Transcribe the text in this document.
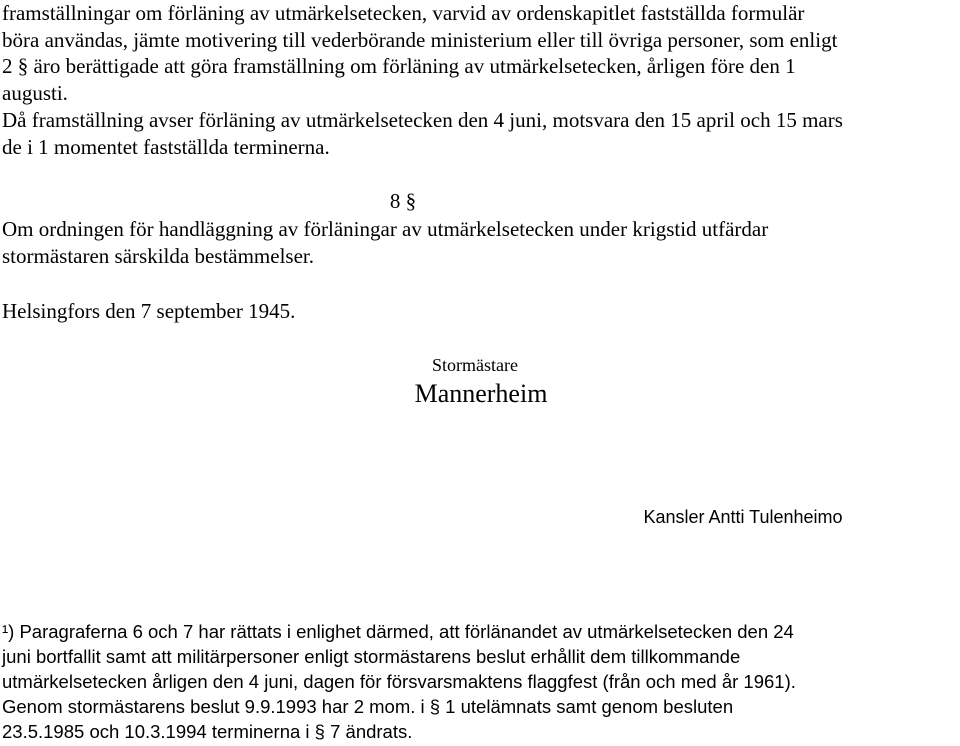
framställningar om förläning av utmärkelsetecken, varvid av ordenskapitlet fastställda formulär
böra användas, jämte motivering till vederbörande ministerium eller till övriga personer, som enligt
2 § äro berättigade att göra framställning om förläning av utmärkelsetecken, årligen före den 1
augusti.
Då framställning avser förläning av utmärkelsetecken den 4 juni, motsvara den 15 april och 15 mars
de i 1 momentet fastställda terminerna.
8 §
Om ordningen för handläggning av förläningar av utmärkelsetecken under krigstid utfärdar
stormästaren särskilda bestämmelser.
Helsingfors den 7 september 1945.
Stormästare
Mannerheim
Kansler Antti Tulenheimo
¹) Paragraferna 6 och 7 har rättats i enlighet därmed, att förlänandet av utmärkelsetecken den 24
juni bortfallit samt att militärpersoner enligt stormästarens beslut erhållit dem tillkommande
utmärkelsetecken årligen den 4 juni, dagen för försvarsmaktens flaggfest (från och med år 1961).
Genom stormästarens beslut 9.9.1993 har 2 mom. i § 1 utelämnats samt genom besluten
23.5.1985 och 10.3.1994 terminerna i § 7 ändrats.
